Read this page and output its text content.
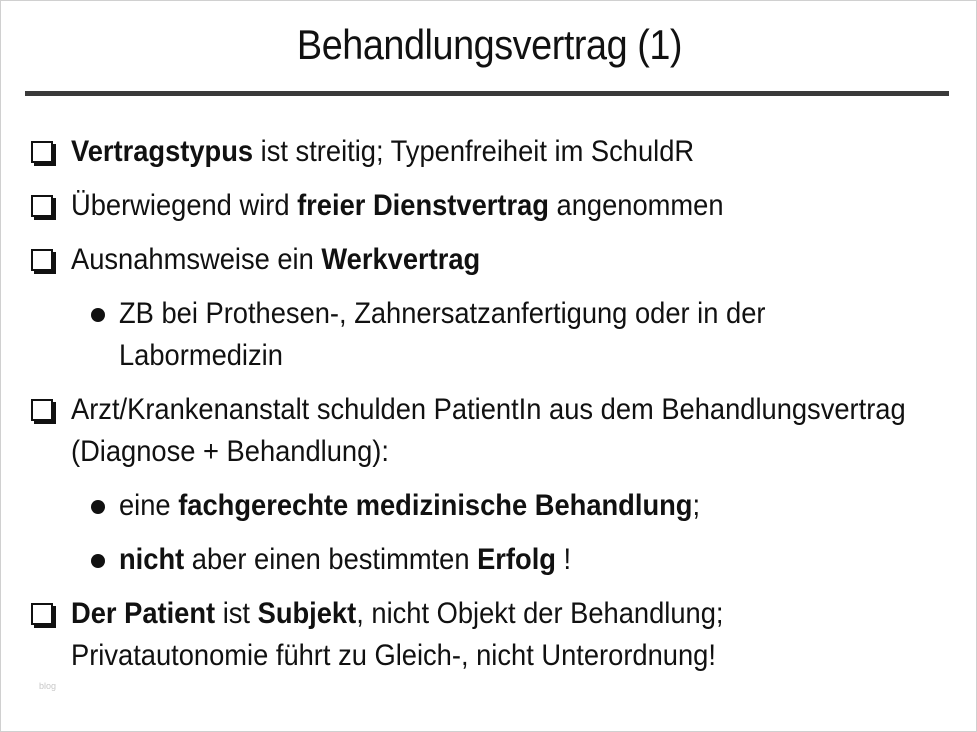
Behandlungsvertrag (1)
Vertragstypus ist streitig; Typenfreiheit im SchuldR
Überwiegend wird freier Dienstvertrag angenommen
Ausnahmsweise ein Werkvertrag
ZB bei Prothesen-, Zahnersatzanfertigung oder in der
Labormedizin
Arzt/Krankenanstalt schulden PatientIn aus dem Behandlungsvertrag
(Diagnose + Behandlung):
eine fachgerechte medizinische Behandlung;
nicht aber einen bestimmten Erfolg !
Der Patient ist Subjekt, nicht Objekt der Behandlung;
Privatautonomie führt zu Gleich-, nicht Unterordnung!
blog
